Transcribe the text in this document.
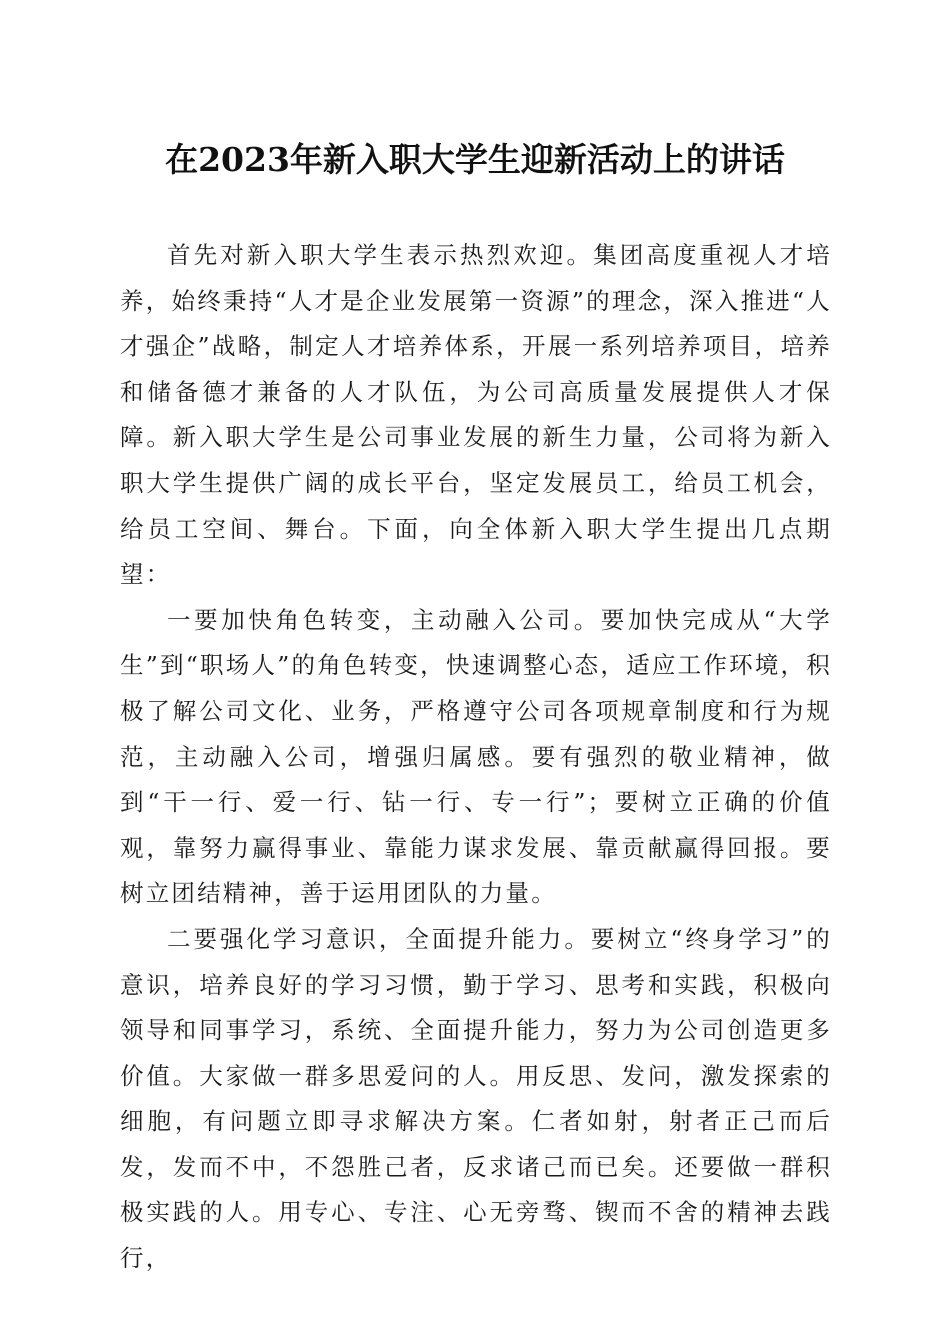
在2023年新入职大学生迎新活动上的讲话

首先对新入职大学生表示热烈欢迎。集团高度重视人才培养，始终秉持“人才是企业发展第一资源”的理念，深入推进“人才强企”战略，制定人才培养体系，开展一系列培养项目，培养和储备德才兼备的人才队伍，为公司高质量发展提供人才保障。新入职大学生是公司事业发展的新生力量，公司将为新入职大学生提供广阔的成长平台，坚定发展员工，给员工机会，给员工空间、舞台。下面，向全体新入职大学生提出几点期望：

一要加快角色转变，主动融入公司。要加快完成从“大学生”到“职场人”的角色转变，快速调整心态，适应工作环境，积极了解公司文化、业务，严格遵守公司各项规章制度和行为规范，主动融入公司，增强归属感。要有强烈的敬业精神，做到“干一行、爱一行、钻一行、专一行”；要树立正确的价值观，靠努力赢得事业、靠能力谋求发展、靠贡献赢得回报。要树立团结精神，善于运用团队的力量。

二要强化学习意识，全面提升能力。要树立“终身学习”的意识，培养良好的学习习惯，勤于学习、思考和实践，积极向领导和同事学习，系统、全面提升能力，努力为公司创造更多价值。大家做一群多思爱问的人。用反思、发问，激发探索的细胞，有问题立即寻求解决方案。仁者如射，射者正己而后发，发而不中，不怨胜己者，反求诸己而已矣。还要做一群积极实践的人。用专心、专注、心无旁骛、锲而不舍的精神去践行，
